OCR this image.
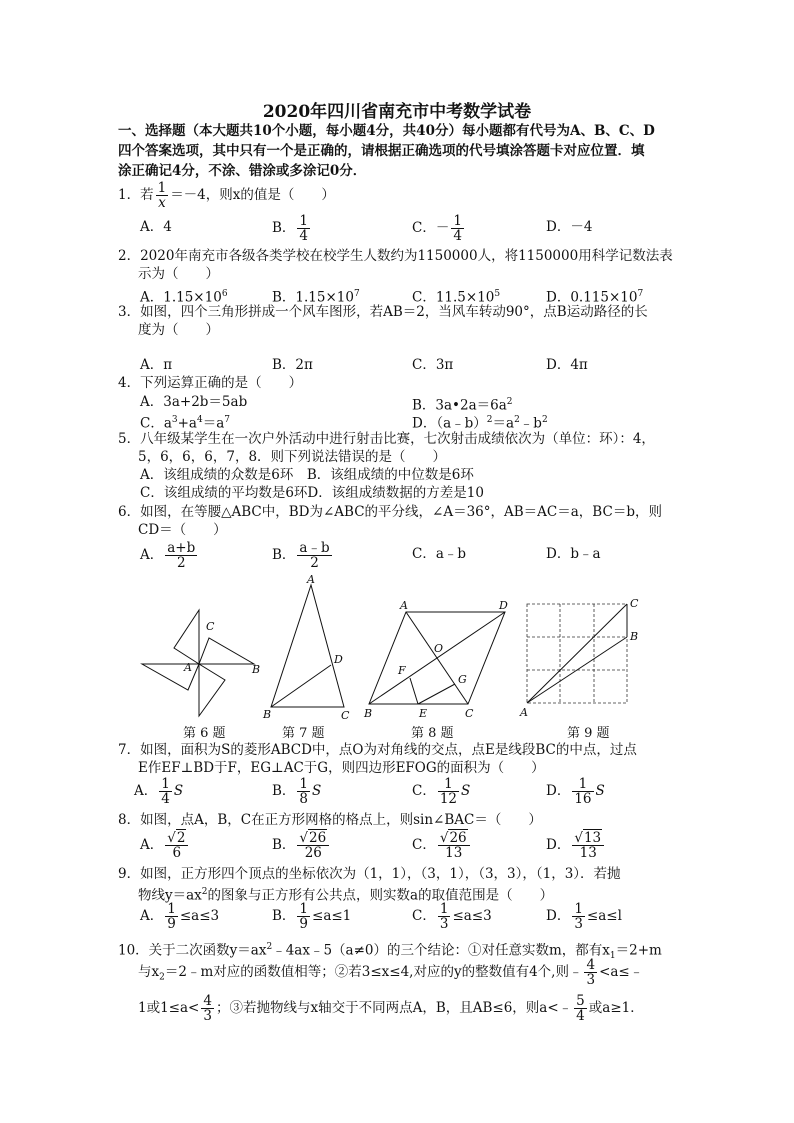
2020年四川省南充市中考数学试卷
一、选择题（本大题共10个小题，每小题4分，共40分）每小题都有代号为A、B、C、D
四个答案选项，其中只有一个是正确的，请根据正确选项的代号填涂答题卡对应位置．填
涂正确记4分，不涂、错涂或多涂记0分．
1．若 $\frac{1}{x} =-4$，则x的值是（　　）
A．4	B． $\frac{1}{4}$	C．－ $\frac{1}{4}$	D．－4
2．2020年南充市各级各类学校在校学生人数约为1150000人，将1150000用科学记数法表
示为（　　）
A．$1.15\times 10^6$	B．$1.15\times 10^7$	C．$11.5\times 10^5$	D．$0.115\times 10^7$
3．如图，四个三角形拼成一个风车图形，若AB＝2，当风车转动90°，点B运动路径的长
度为（　　）
A．π	B．2π	C．3π	D．4π
4．下列运算正确的是（　　）
A．3a+2b＝5ab	B．$3a•2a=6a^2$
C．$a^3+a^4=a^7$	D．$(a﹣b)^2=a^2﹣b^2$
5．八年级某学生在一次户外活动中进行射击比赛，七次射击成绩依次为（单位：环）：4，
5，6，6，6，7，8．则下列说法错误的是（　　）
A．该组成绩的众数是6环　B．该组成绩的中位数是6环
C．该组成绩的平均数是6环D．该组成绩数据的方差是10
6．如图，在等腰△ABC中，BD为∠ABC的平分线，∠A＝36°，AB＝AC＝a，BC＝b，则
CD＝（　　）
A． $\frac{a+b}{2}$	B． $\frac{a﹣b}{2}$	C．a﹣b	D．b﹣a
C
A	B
A
B	C
D
A	D
O
F
G
B	E	C
C
B
A
第 6 题	第 7 题	第 8 题	第 9 题
7．如图，面积为S的菱形ABCD中，点O为对角线的交点，点E是线段BC的中点，过点
E作EF⊥BD于F，EG⊥AC于G，则四边形EFOG的面积为（　　）
A． $\frac{1}{4}$ S	B． $\frac{1}{8}$ S	C． $\frac{1}{12}$ S	D． $\frac{1}{16}$ S
8．如图，点A，B，C在正方形网格的格点上，则sin∠BAC＝（　　）
A． $\frac{√2}{6}$	B． $\frac{√26}{26}$	C． $\frac{√26}{13}$	D． $\frac{√13}{13}$
9．如图，正方形四个顶点的坐标依次为（1，1），（3，1），（3，3），（1，3）．若抛
物线$y=ax^2$的图象与正方形有公共点，则实数a的取值范围是（　　）
A． $\frac{1}{9} \le a\le 3$	B． $\frac{1}{9} \le a\le 1$	C． $\frac{1}{3} \le a\le 3$	D． $\frac{1}{3} \le a\le l$
10．关于二次函数$y=ax^2﹣4ax﹣5(a\ne 0)$的三个结论：①对任意实数m，都有$x_1=2+m$
与$x_2=2﹣m$对应的函数值相等；②若3≤x≤4,对应的y的整数值有4个,则﹣ $\frac{4}{3}$ <a≤﹣
1或$1\le a< \frac{4}{3}$ ；③若抛物线与x轴交于不同两点A，B，且AB≤6，则a<﹣ $\frac{5}{4}$ 或a≥1．
